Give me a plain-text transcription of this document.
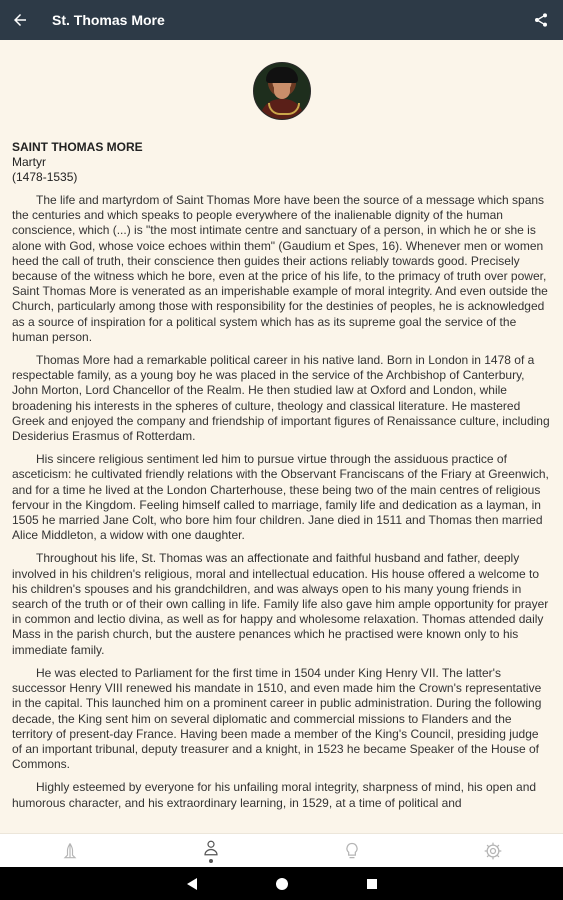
St. Thomas More
SAINT THOMAS MORE
Martyr
(1478-1535)

The life and martyrdom of Saint Thomas More have been the source of a message which spans the centuries and which speaks to people everywhere of the inalienable dignity of the human conscience, which (...) is "the most intimate centre and sanctuary of a person, in which he or she is alone with God, whose voice echoes within them" (Gaudium et Spes, 16). Whenever men or women heed the call of truth, their conscience then guides their actions reliably towards good. Precisely because of the witness which he bore, even at the price of his life, to the primacy of truth over power, Saint Thomas More is venerated as an imperishable example of moral integrity. And even outside the Church, particularly among those with responsibility for the destinies of peoples, he is acknowledged as a source of inspiration for a political system which has as its supreme goal the service of the human person.

Thomas More had a remarkable political career in his native land. Born in London in 1478 of a respectable family, as a young boy he was placed in the service of the Archbishop of Canterbury, John Morton, Lord Chancellor of the Realm. He then studied law at Oxford and London, while broadening his interests in the spheres of culture, theology and classical literature. He mastered Greek and enjoyed the company and friendship of important figures of Renaissance culture, including Desiderius Erasmus of Rotterdam.

His sincere religious sentiment led him to pursue virtue through the assiduous practice of asceticism: he cultivated friendly relations with the Observant Franciscans of the Friary at Greenwich, and for a time he lived at the London Charterhouse, these being two of the main centres of religious fervour in the Kingdom. Feeling himself called to marriage, family life and dedication as a layman, in 1505 he married Jane Colt, who bore him four children. Jane died in 1511 and Thomas then married Alice Middleton, a widow with one daughter.

Throughout his life, St. Thomas was an affectionate and faithful husband and father, deeply involved in his children's religious, moral and intellectual education. His house offered a welcome to his children's spouses and his grandchildren, and was always open to his many young friends in search of the truth or of their own calling in life. Family life also gave him ample opportunity for prayer in common and lectio divina, as well as for happy and wholesome relaxation. Thomas attended daily Mass in the parish church, but the austere penances which he practised were known only to his immediate family.

He was elected to Parliament for the first time in 1504 under King Henry VII. The latter's successor Henry VIII renewed his mandate in 1510, and even made him the Crown's representative in the capital. This launched him on a prominent career in public administration. During the following decade, the King sent him on several diplomatic and commercial missions to Flanders and the territory of present-day France. Having been made a member of the King's Council, presiding judge of an important tribunal, deputy treasurer and a knight, in 1523 he became Speaker of the House of Commons.

Highly esteemed by everyone for his unfailing moral integrity, sharpness of mind, his open and humorous character, and his extraordinary learning, in 1529, at a time of political and
